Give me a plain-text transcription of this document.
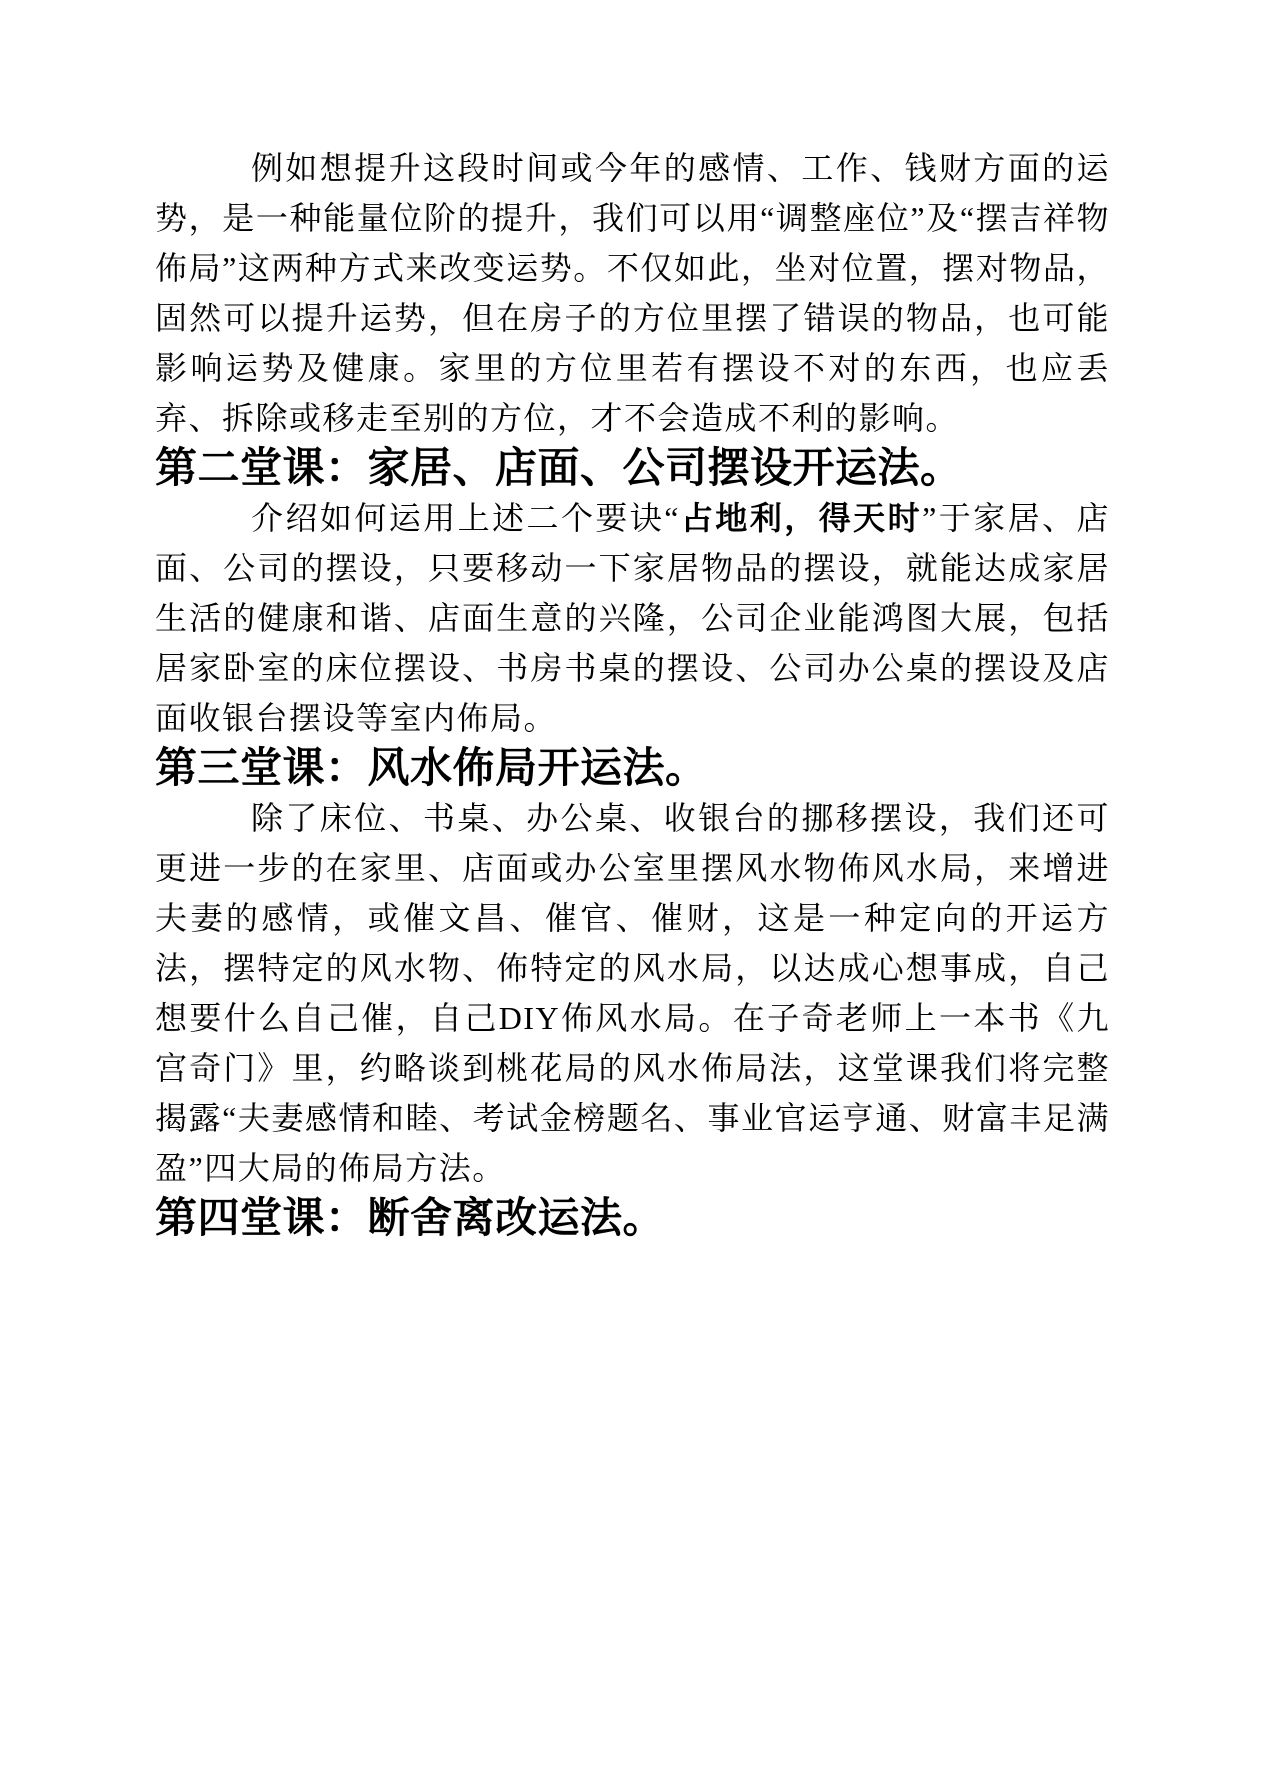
例如想提升这段时间或今年的感情、工作、钱财方面的运势，是一种能量位阶的提升，我们可以用“调整座位”及“摆吉祥物佈局”这两种方式来改变运势。不仅如此，坐对位置，摆对物品，固然可以提升运势，但在房子的方位里摆了错误的物品，也可能影响运势及健康。家里的方位里若有摆设不对的东西，也应丢弃、拆除或移走至别的方位，才不会造成不利的影响。

第二堂课：家居、店面、公司摆设开运法。

介绍如何运用上述二个要诀“占地利，得天时”于家居、店面、公司的摆设，只要移动一下家居物品的摆设，就能达成家居生活的健康和谐、店面生意的兴隆，公司企业能鸿图大展，包括居家卧室的床位摆设、书房书桌的摆设、公司办公桌的摆设及店面收银台摆设等室内佈局。

第三堂课：风水佈局开运法。

除了床位、书桌、办公桌、收银台的挪移摆设，我们还可更进一步的在家里、店面或办公室里摆风水物佈风水局，来增进夫妻的感情，或催文昌、催官、催财，这是一种定向的开运方法，摆特定的风水物、佈特定的风水局，以达成心想事成，自己想要什么自己催，自己DIY佈风水局。在子奇老师上一本书《九宫奇门》里，约略谈到桃花局的风水佈局法，这堂课我们将完整揭露“夫妻感情和睦、考试金榜题名、事业官运亨通、财富丰足满盈”四大局的佈局方法。

第四堂课：断舍离改运法。
